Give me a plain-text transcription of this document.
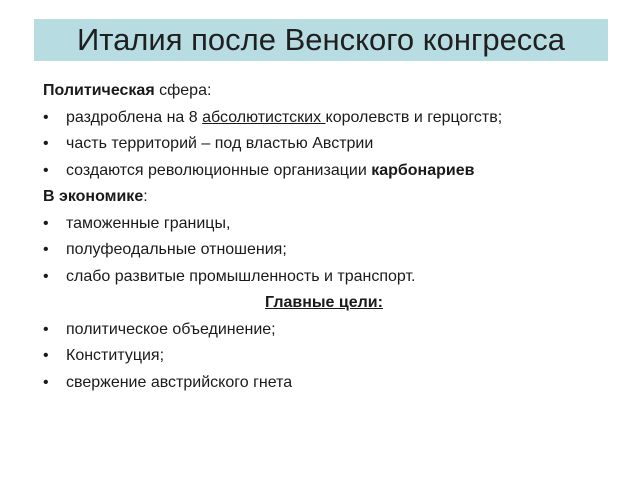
Италия после Венского конгресса
Политическая сфера:
•	раздроблена на 8 абсолютистских королевств и герцогств;
•	часть территорий – под властью Австрии
•	создаются революционные организации карбонариев
В экономике:
•	таможенные границы,
•	полуфеодальные отношения;
•	слабо развитые промышленность и транспорт.
Главные цели:
•	политическое объединение;
•	Конституция;
•	свержение австрийского гнета
